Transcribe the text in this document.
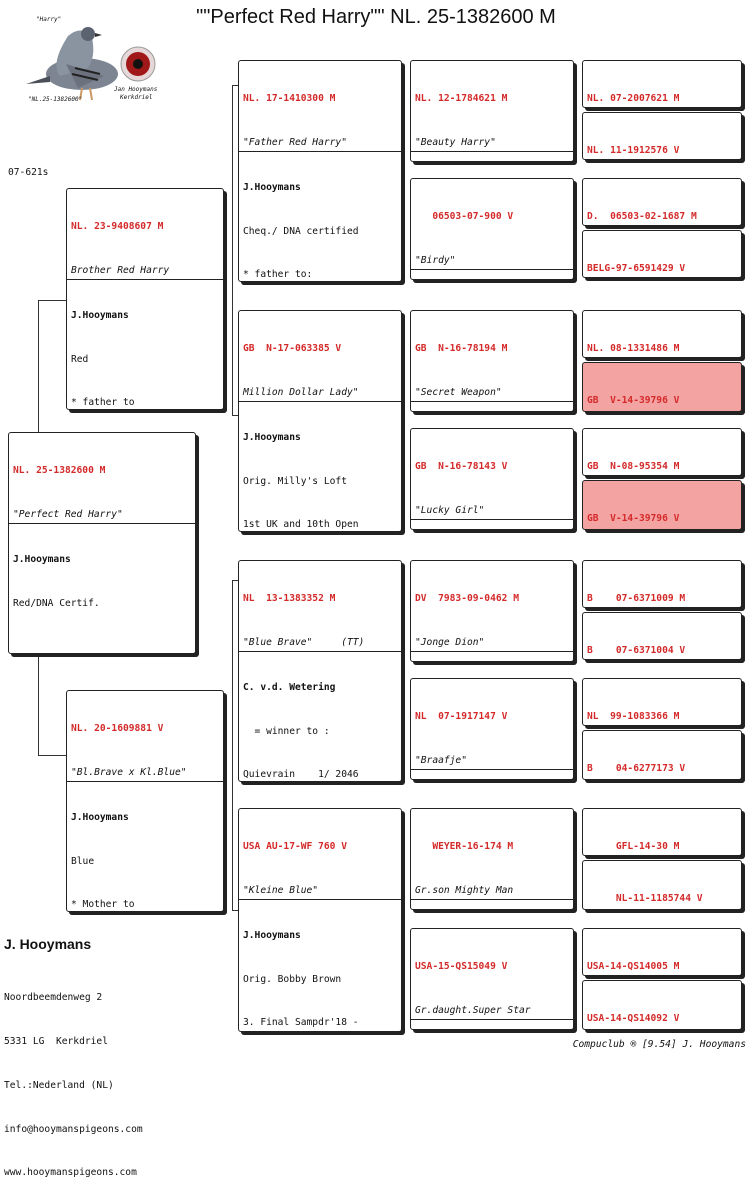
""Perfect Red Harry"" NL. 25-1382600 M
"Harry"
"NL.25-1382600"
Jan Hooymans
Kerkdriel
07-621s

NL. 25-1382600 M

"Perfect Red Harry"

J.Hooymans

Red/DNA Certif.

NL. 23-9408607 M

Brother Red Harry

J.Hooymans

Red

* father to

NL. 20-1609881 V

"Bl.Brave x Kl.Blue"

J.Hooymans

Blue

* Mother to

NL. 17-1410300 M

"Father Red Harry"

J.Hooymans

Cheq./ DNA certified

* father to:

GB  N-17-063385 V

Million Dollar Lady"

J.Hooymans

Orig. Milly's Loft

1st UK and 10th Open

NL  13-1383352 M

"Blue Brave"     (TT)

C. v.d. Wetering

= winner to :

Quievrain    1/ 2046

USA AU-17-WF 760 V

"Kleine Blue"

J.Hooymans

Orig. Bobby Brown

3. Final Sampdr'18 -

NL. 12-1784621 M

"Beauty Harry"

06503-07-900 V

"Birdy"

GB  N-16-78194 M

"Secret Weapon"

GB  N-16-78143 V

"Lucky Girl"

DV  7983-09-0462 M

"Jonge Dion"

NL  07-1917147 V

"Braafje"

WEYER-16-174 M

Gr.son Mighty Man

USA-15-QS15049 V

Gr.daught.Super Star

NL. 07-2007621 M

NL. 11-1912576 V

D.  06503-02-1687 M

BELG-97-6591429 V

NL. 08-1331486 M

GB  V-14-39796 V

GB  N-08-95354 M

GB  V-14-39796 V

B    07-6371009 M

B    07-6371004 V

NL  99-1083366 M

B    04-6277173 V

GFL-14-30 M

NL-11-1185744 V

USA-14-QS14005 M

USA-14-QS14092 V

J. Hooymans

Noordbeemdenweg 2

5331 LG  Kerkdriel

Tel.:Nederland (NL)

info@hooymanspigeons.com

www.hooymanspigeons.com

Compuclub ® [9.54] J. Hooymans
